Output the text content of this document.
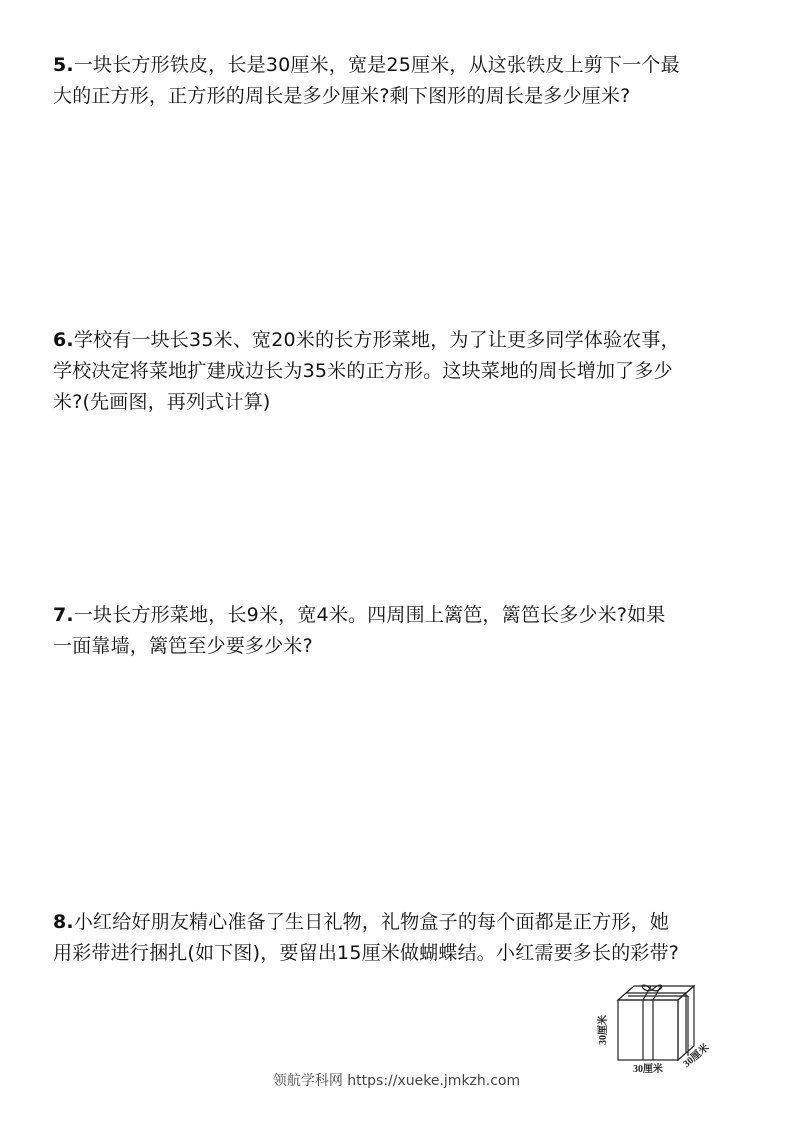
5.一块长方形铁皮，长是30厘米，宽是25厘米，从这张铁皮上剪下一个最
大的正方形，正方形的周长是多少厘米?剩下图形的周长是多少厘米?
6.学校有一块长35米、宽20米的长方形菜地，为了让更多同学体验农事，
学校决定将菜地扩建成边长为35米的正方形。这块菜地的周长增加了多少
米?(先画图，再列式计算)
7.一块长方形菜地，长9米，宽4米。四周围上篱笆，篱笆长多少米?如果
一面靠墙，篱笆至少要多少米?
8.小红给好朋友精心准备了生日礼物，礼物盒子的每个面都是正方形，她
用彩带进行捆扎(如下图)，要留出15厘米做蝴蝶结。小红需要多长的彩带?
30厘米
30厘米 30厘米
领航学科网 https://xueke.jmkzh.com
